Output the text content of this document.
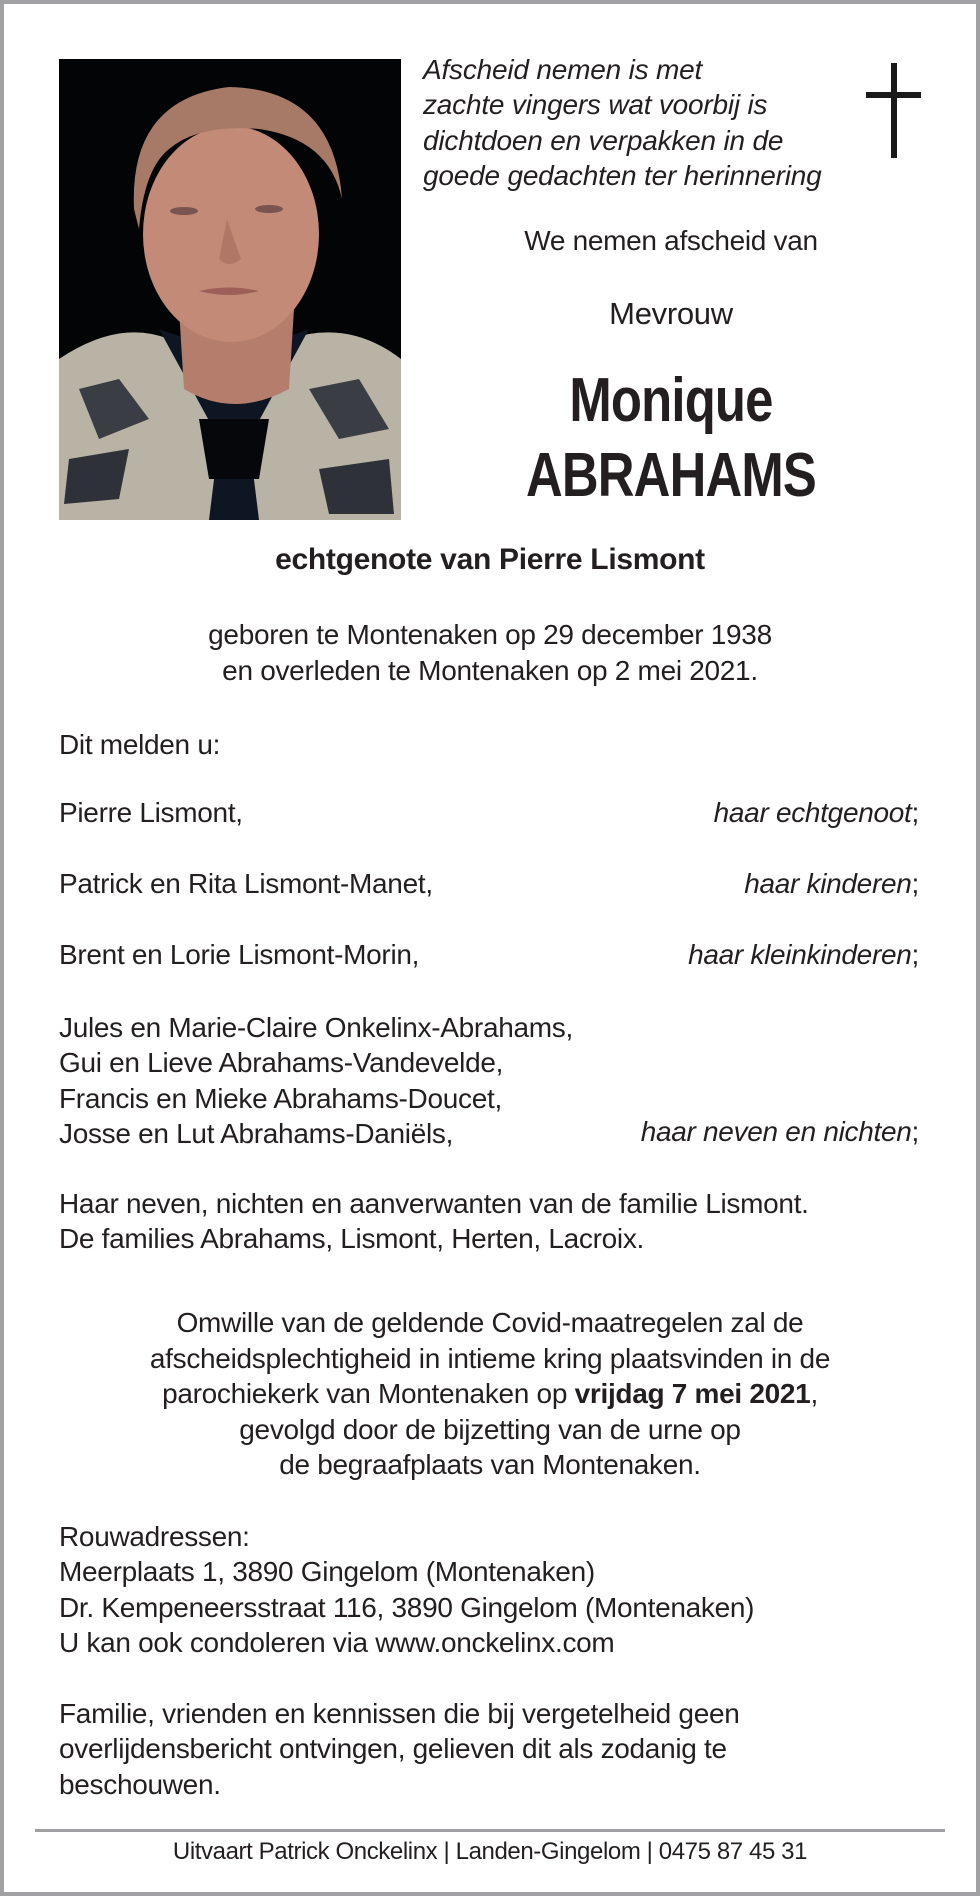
Afscheid nemen is met
zachte vingers wat voorbij is
dichtdoen en verpakken in de
goede gedachten ter herinnering
We nemen afscheid van
Mevrouw
Monique
ABRAHAMS
echtgenote van Pierre Lismont
geboren te Montenaken op 29 december 1938
en overleden te Montenaken op 2 mei 2021.
Dit melden u:
Pierre Lismont,	haar echtgenoot;
Patrick en Rita Lismont-Manet,	haar kinderen;
Brent en Lorie Lismont-Morin,	haar kleinkinderen;
Jules en Marie-Claire Onkelinx-Abrahams,
Gui en Lieve Abrahams-Vandevelde,
Francis en Mieke Abrahams-Doucet,
Josse en Lut Abrahams-Daniëls,	haar neven en nichten;
Haar neven, nichten en aanverwanten van de familie Lismont.
De families Abrahams, Lismont, Herten, Lacroix.
Omwille van de geldende Covid-maatregelen zal de
afscheidsplechtigheid in intieme kring plaatsvinden in de
parochiekerk van Montenaken op vrijdag 7 mei 2021,
gevolgd door de bijzetting van de urne op
de begraafplaats van Montenaken.
Rouwadressen:
Meerplaats 1, 3890 Gingelom (Montenaken)
Dr. Kempeneersstraat 116, 3890 Gingelom (Montenaken)
U kan ook condoleren via www.onckelinx.com
Familie, vrienden en kennissen die bij vergetelheid geen
overlijdensbericht ontvingen, gelieven dit als zodanig te
beschouwen.
Uitvaart Patrick Onckelinx | Landen-Gingelom | 0475 87 45 31
